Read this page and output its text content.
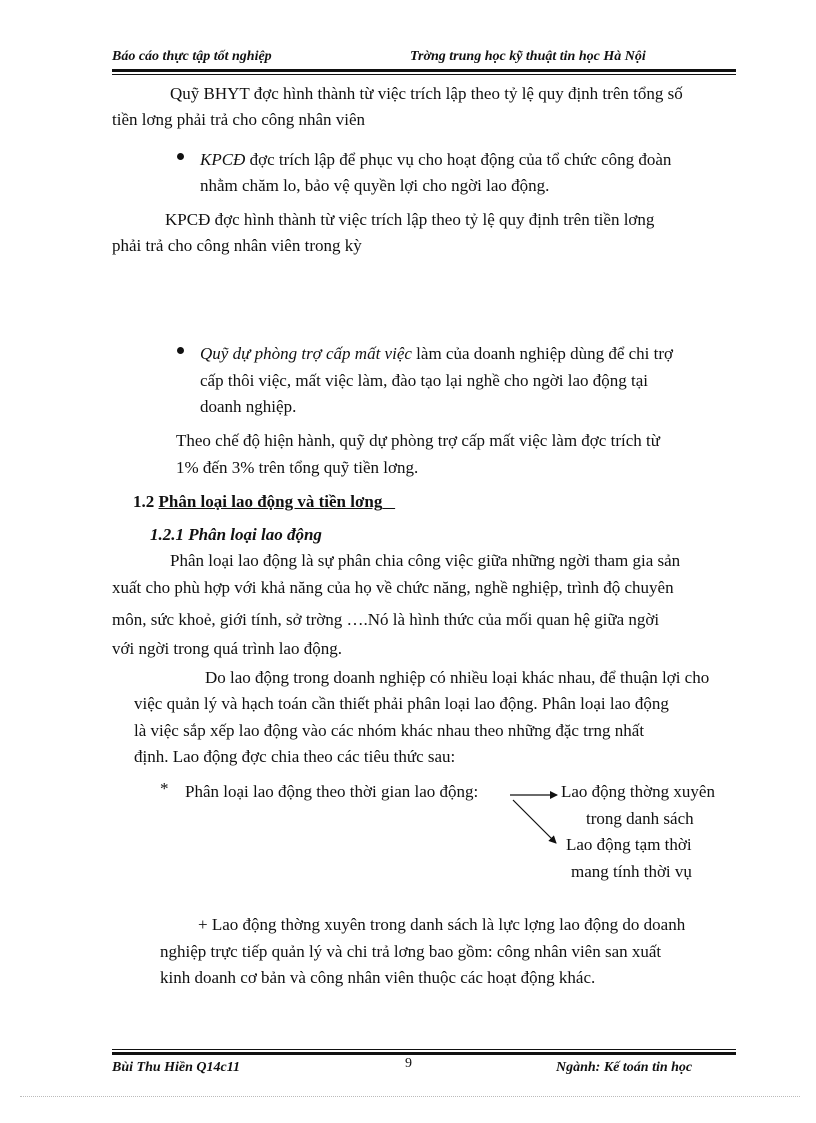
Báo cáo thực tập tốt nghiệp	Trờng trung học kỹ thuật tin học Hà Nội
Quỹ BHYT đợc hình thành từ việc trích lập theo tỷ lệ quy định trên tổng số
tiền lơng phải trả cho công nhân viên
KPCĐ đợc trích lập để phục vụ cho hoạt động của tổ chức công đoàn
nhằm chăm lo, bảo vệ quyền lợi cho ngời lao động.
KPCĐ đợc hình thành từ việc trích lập theo tỷ lệ quy định trên tiền lơng
phải trả cho công nhân viên trong kỳ
Quỹ dự phòng trợ cấp mất việc làm của doanh nghiệp dùng để chi trợ
cấp thôi việc, mất việc làm, đào tạo lại nghề cho ngời lao động tại
doanh nghiệp.
Theo chế độ hiện hành, quỹ dự phòng trợ cấp mất việc làm đợc trích từ
1% đến 3% trên tổng quỹ tiền lơng.
1.2 Phân loại lao động và tiền lơng
1.2.1 Phân loại lao động
Phân loại lao động là sự phân chia công việc giữa những ngời tham gia sản
xuất cho phù hợp với khả năng của họ về chức năng, nghề nghiệp, trình độ chuyên
môn, sức khoẻ, giới tính, sở trờng ….Nó là hình thức của mối quan hệ giữa ngời
với ngời trong quá trình lao động.
Do lao động trong doanh nghiệp có nhiều loại khác nhau, để thuận lợi cho
việc quản lý và hạch toán cần thiết phải phân loại lao động. Phân loại lao động
là việc sắp xếp lao động vào các nhóm khác nhau theo những đặc trng nhất
định. Lao động đợc chia theo các tiêu thức sau:
* Phân loại lao động theo thời gian lao động:	Lao động thờng xuyên
trong danh sách
Lao động tạm thời
mang tính thời vụ
+ Lao động thờng xuyên trong danh sách là lực lợng lao động do doanh
nghiệp trực tiếp quản lý và chi trả lơng bao gồm: công nhân viên san xuất
kinh doanh cơ bản và công nhân viên thuộc các hoạt động khác.
Bùi Thu Hiền Q14c11	9	Ngành: Kế toán tin học
